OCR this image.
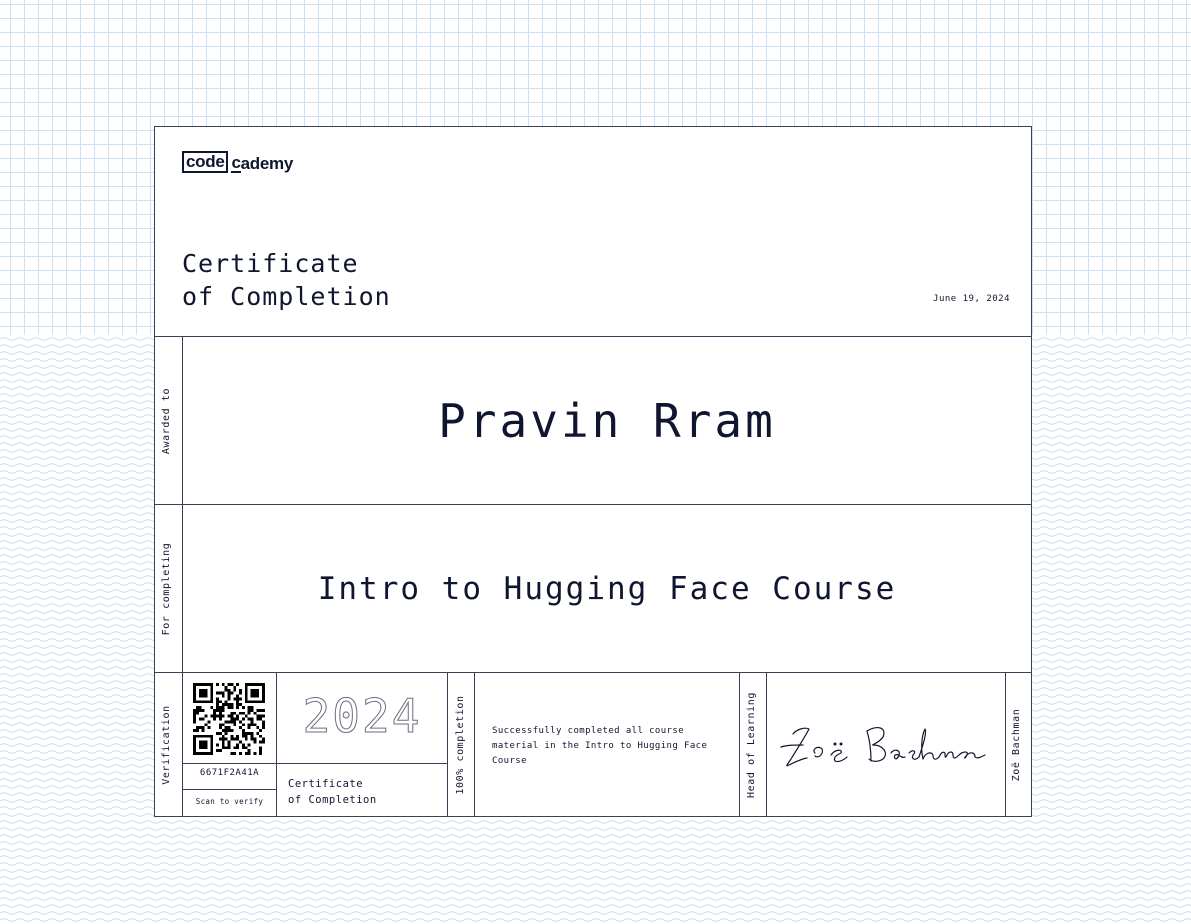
code c ademy
Certificate
of Completion	June 19, 2024
Awarded to	Pravin Rram
For completing	Intro to Hugging Face Course
Verification	6671F2A41A
Scan to verify
2024
Certificate
of Completion
100% completion	Successfully completed all course material in the Intro to Hugging Face Course	Head of Learning	Zoë Bachman
